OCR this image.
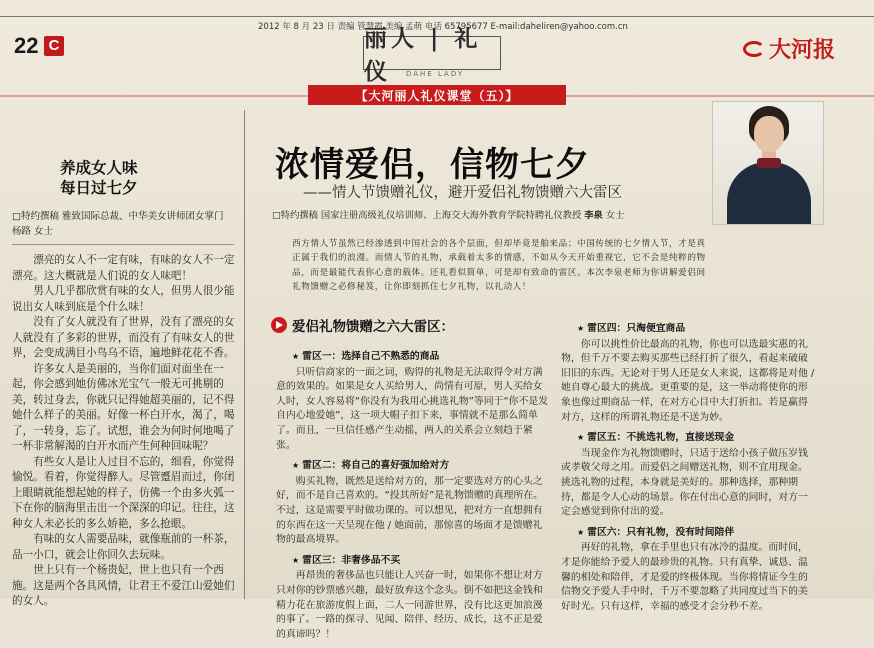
2012 年 8 月 23 日 责编 管慧霞 美编 孟萌 电话 65795677 E-mail:daheliren@yahoo.com.cn
22 C	丽人 | 礼仪	DAHE LADY
大河报
【大河丽人礼仪课堂（五）】
养成女人味
每日过七夕
□特约撰稿 雅致国际总裁、中华美女讲师团女掌门 杨路 女士

漂亮的女人不一定有味，有味的女人不一定漂亮。这大概就是人们说的女人味吧！

男人几乎都欣赏有味的女人，但男人很少能说出女人味到底是个什么味！

没有了女人就没有了世界，没有了漂亮的女人就没有了多彩的世界，而没有了有味女人的世界，会变成满目小鸟乌不语，遍地鲜花花不香。

许多女人是美丽的，当你们面对面坐在一起，你会感到她仿佛冰光宝气一般无可挑剔的美，转过身去，你就只记得她超美丽的，记不得她什么样子的美丽。好像一杯白开水，渴了，喝了，一转身，忘了。试想，谁会为何时何地喝了一杯非常解渴的白开水而产生何种回味呢？

有些女人是让人过目不忘的，细看，你觉得愉悦。看着，你觉得醉人。尽管蹙眉而过，你闭上眼睛就能想起她的样子，仿佛一个由多火弧一下在你的脑海里击出一个深深的印记。往往，这种女人未必长的多么娇艳，多么抢眼。

有味的女人需要品味，就像瓶前的一杯茶，品一小口，就会让你回久去玩味。

世上只有一个杨贵妃，世上也只有一个西施。这是两个各具风情，让君王不爱江山爱她们的女人。

浓情爱侣，信物七夕
——情人节馈赠礼仪，避开爱侣礼物馈赠六大雷区
□特约撰稿 国家注册高级礼仪培训师、上海交大海外教育学院特聘礼仪教授 李泉 女士
西方情人节虽然已经渗透到中国社会的各个层面，但却毕竟是舶来品；中国传统的七夕情人节，才是真正属于我们的浪漫。而情人节的礼物，承载着太多的情感，不如从今天开始重视它，它不会是纯粹的物品，而是最能代表你心意的载体。还礼看似简单，可是却有致命的雷区。本次李泉老师为你讲解爱侣间礼物馈赠之必修秘笈，让你即刻抓住七夕礼物，以礼动人！
爱侣礼物馈赠之六大雷区：
★ 雷区一：选择自己不熟悉的商品

只听信商家的一面之词，购得的礼物是无法取得令对方满意的效果的。如果是女人买给男人，尚情有可原，男人买给女人时，女人容易将“你没有为我用心挑选礼物”等同于“你不是发自内心地爱她”，这一项大帽子扣下来，事情就不是那么简单了。而且，一旦信任感产生动摇，两人的关系会立刻趋于紧张。

★ 雷区二：将自己的喜好强加给对方

购买礼物，既然是送给对方的，那一定要选对方的心头之好，而不是自己喜欢的。“投其所好”是礼物馈赠的真理所在。不过，这是需要平时做功课的。可以想见，把对方一直想拥有的东西在这一天呈现在他 / 她面前，那惊喜的场面才是馈赠礼物的最高境界。

★ 雷区三：非奢侈品不买

再昂贵的奢侈品也只能让人兴奋一时，如果你不想让对方只对你的钞票感兴趣，最好放弃这个念头。倒不如把这金钱和精力花在旅游度假上面，二人一同游世界，没有比这更加浪漫的事了。一路的探寻、见闻、陪伴、经历、成长，这不正是爱的真谛吗？！

★ 雷区四：只淘便宜商品

你可以挑性价比最高的礼物，你也可以选最实惠的礼物，但千万不要去购买那些已经打折了很久，看起来破破旧旧的东西。无论对于男人还是女人来说，这都将是对他 / 她自尊心最大的挑战。更重要的是，这一举动将使你的形象也像过期商品一样，在对方心目中大打折扣。若是赢得对方，这样的所谓礼物还是不送为妙。

★ 雷区五：不挑选礼物，直接送现金

当现金作为礼物馈赠时，只适于送给小孩子做压岁钱或孝敬父母之用。而爱侣之间赠送礼物，则不宜用现金。挑选礼物的过程，本身就是美好的。那种选择，那种期待，都是令人心动的场景。你在付出心意的同时，对方一定会感觉到你付出的爱。

★ 雷区六：只有礼物，没有时间陪伴

再好的礼物，拿在手里也只有冰冷的温度。而时间，才是你能给予爱人的最珍贵的礼物。只有真挚、诚恳、温馨的相处和陪伴，才是爱的终极体现。当你将情证今生的信物交予爱人手中时，千万不要忽略了共同度过当下的美好时光。只有这样，幸福的感受才会分秒不差。
